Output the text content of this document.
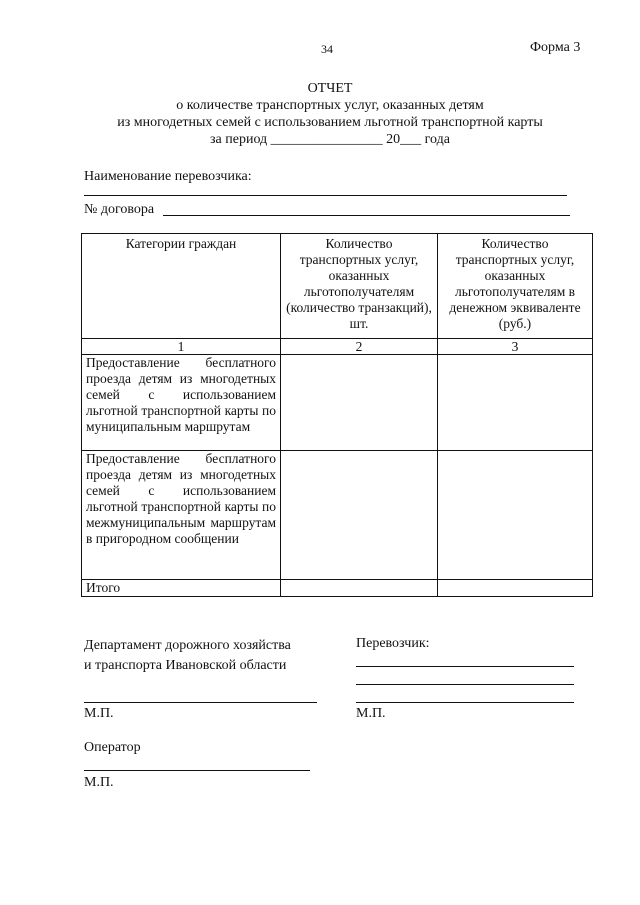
34	Форма 3
ОТЧЕТ
о количестве транспортных услуг, оказанных детям
из многодетных семей с использованием льготной транспортной карты
за период ________________ 20___ года
Наименование перевозчика:
№ договора
Категории граждан	Количество транспортных услуг, оказанных льготополучателям (количество транзакций), шт.	Количество транспортных услуг, оказанных льготополучателям в денежном эквиваленте (руб.)
1	2	3
Предоставление бесплатного проезда детям из многодетных семей с использованием льготной транспортной карты по муниципальным маршрутам		
Предоставление бесплатного проезда детям из многодетных семей с использованием льготной транспортной карты по межмуниципальным маршрутам в пригородном сообщении		
Итого		
Департамент дорожного хозяйства
и транспорта Ивановской области
Перевозчик:
М.П.	М.П.
Оператор
М.П.
